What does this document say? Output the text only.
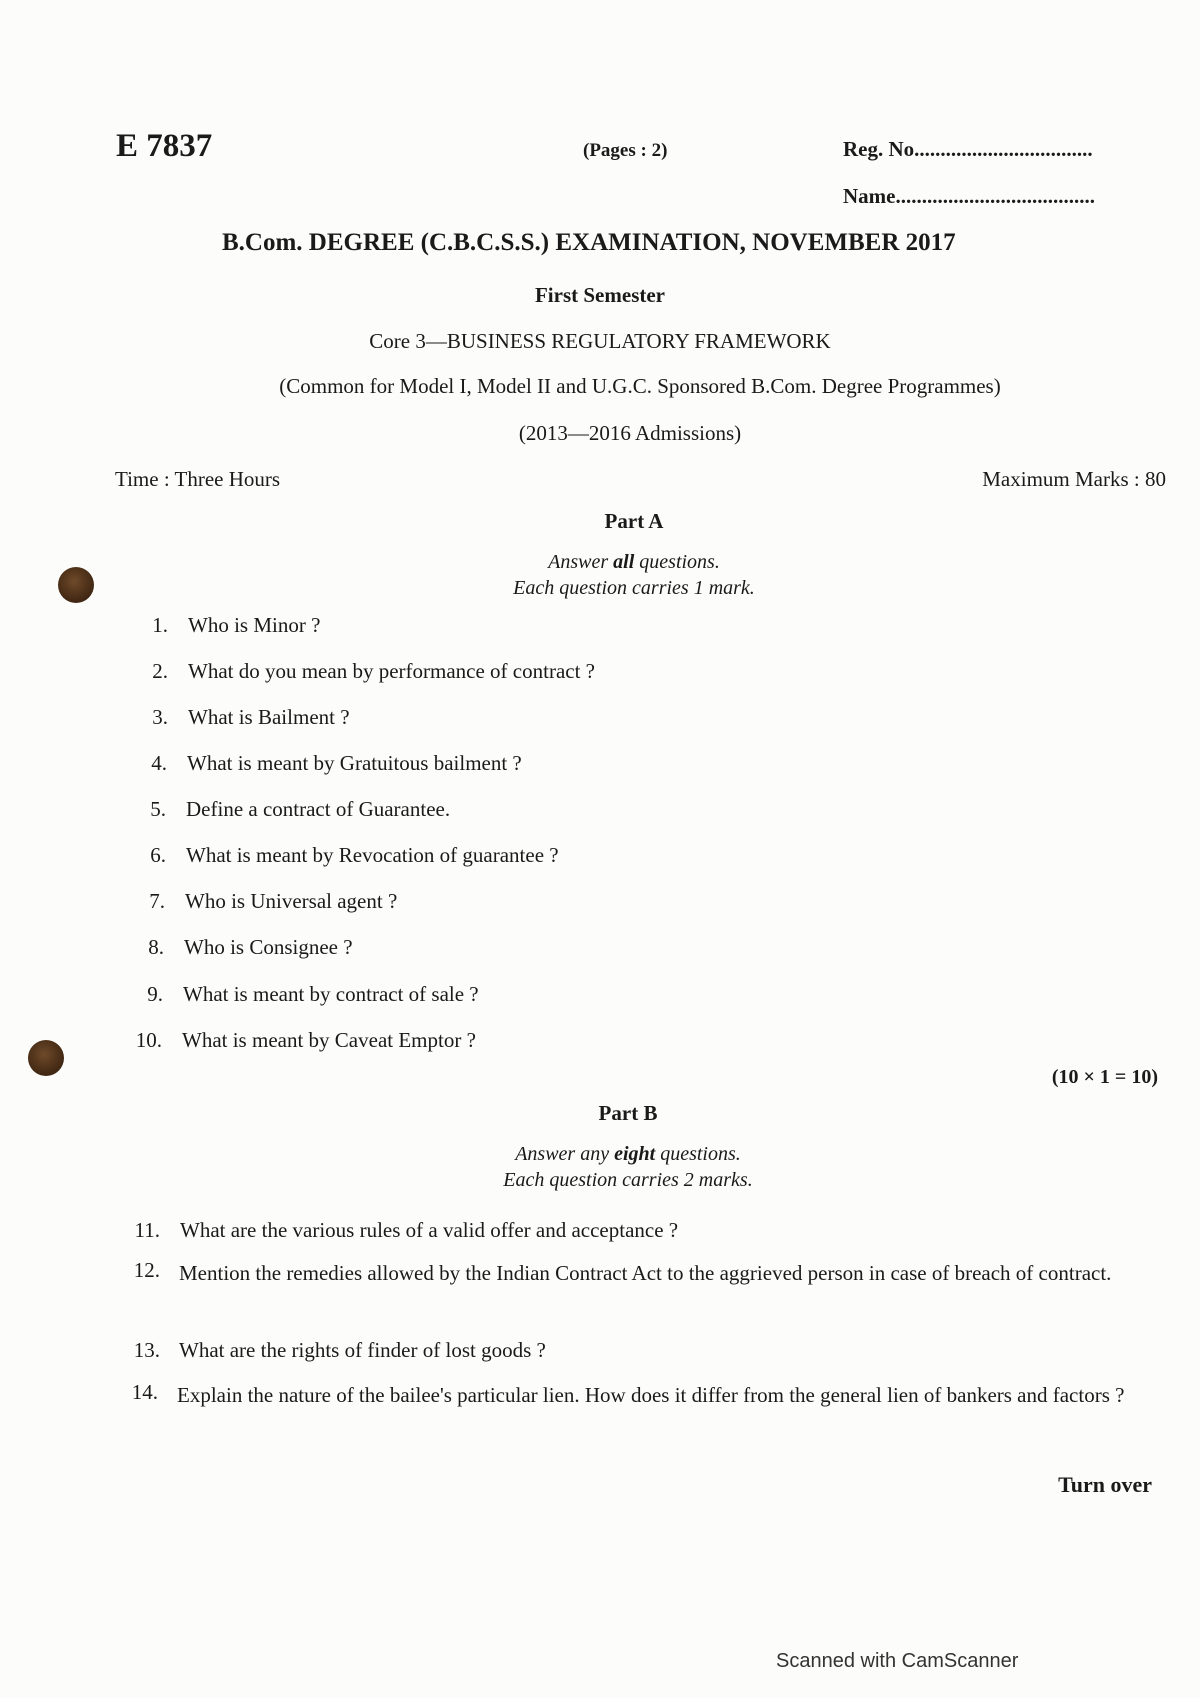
E 7837	(Pages : 2)	Reg. No..................................
Name......................................
B.Com. DEGREE (C.B.C.S.S.) EXAMINATION, NOVEMBER 2017
First Semester
Core 3—BUSINESS REGULATORY FRAMEWORK
(Common for Model I, Model II and U.G.C. Sponsored B.Com. Degree Programmes)
(2013—2016 Admissions)
Time : Three Hours	Maximum Marks : 80
Part A
Answer all questions.
Each question carries 1 mark.
1. Who is Minor ?
2. What do you mean by performance of contract ?
3. What is Bailment ?
4. What is meant by Gratuitous bailment ?
5. Define a contract of Guarantee.
6. What is meant by Revocation of guarantee ?
7. Who is Universal agent ?
8. Who is Consignee ?
9. What is meant by contract of sale ?
10. What is meant by Caveat Emptor ?
(10 × 1 = 10)
Part B
Answer any eight questions.
Each question carries 2 marks.
11. What are the various rules of a valid offer and acceptance ?
12. Mention the remedies allowed by the Indian Contract Act to the aggrieved person in case of breach of contract.
13. What are the rights of finder of lost goods ?
14. Explain the nature of the bailee's particular lien. How does it differ from the general lien of bankers and factors ?
Turn over
Scanned with CamScanner
